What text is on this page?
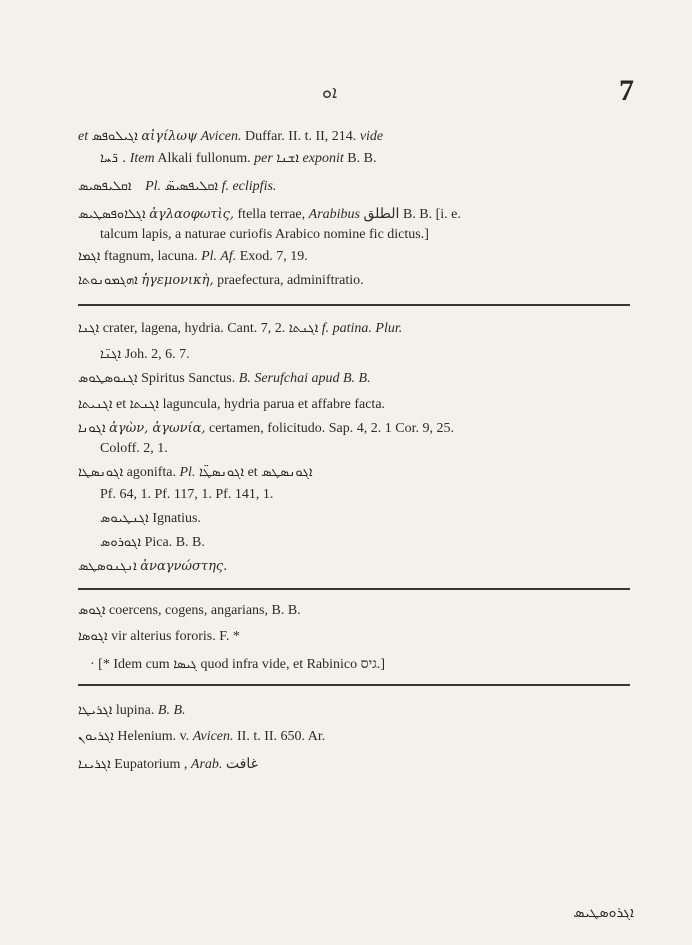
ܐܘ	7
et ܐܓܝܠܘܦܣ αἰγίλωψ Avicen. Duffar. II. t. II, 214. vide
ܪ݁ܚܐ . Item Alkali fullonum. per ܐܫܢܐ exponit B. B.
ܐܩܠܝܦܣܝܣ Pl. ܐܩܠܝܦܣܝܣ̈ f. eclipfis.
ܐܓܠܐܘܦܣܛܝܣ ἀγλαοφωτὶς, ftella terrae, Arabibus الطلق B. B. [i. e.
talcum lapis, a naturae curiofis Arabico nomine fic dictus.]
ܐܓܡܐ ftagnum, lacuna. Pl. Af. Exod. 7, 19.
ܐܗܓܡܘܢܘܬܐ ἡγεμονικὴ, praefectura, adminiftratio.
ܐܓܢܐ crater, lagena, hydria. Cant. 7, 2. ܐܓܢܬܐ f. patina. Plur.
ܐܓܢ̈ܐ Joh. 2, 6. 7.
ܐܓܢܘܣܛܘܣ Spiritus Sanctus. B. Serufchai apud B. B.
ܐܓܢܝܬܐ et ܐܓܢܬܐ laguncula, hydria parua et affabre facta.
ܐܓܘܢܐ ἀγὼν, ἀγωνία, certamen, folicitudo. Sap. 4, 2. 1 Cor. 9, 25.
Coloff. 2, 1.
ܐܓܘܢܣܛܐ agonifta. Pl. ܐܓܘܢܣܛ̈ܐ et ܐܓܘܢܣܛܣ
Pf. 64, 1. Pf. 117, 1. Pf. 141, 1.
ܐܓܢܛܝܘܣ Ignatius.
ܐܓܘܪܘܣ Pica. B. B.
ܐܢܓܢܘܣܛܣ ἀναγνώστης.
ܐܓܘܣ coercens, cogens, angarians, B. B.
ܐܓܘܣܐ vir alterius fororis. F. *
· [* Idem cum ܓܝܣܐ quod infra vide, et Rabinico גיס.]
ܐܓܪܝܛܐ lupina. B. B.
ܐܓܪܝܘܢ Helenium. v. Avicen. II. t. II. 650. Ar.
ܐܓܪܝܢܐ Eupatorium , Arab. غافت
ܐܓܪܘܣܛܝܣ
